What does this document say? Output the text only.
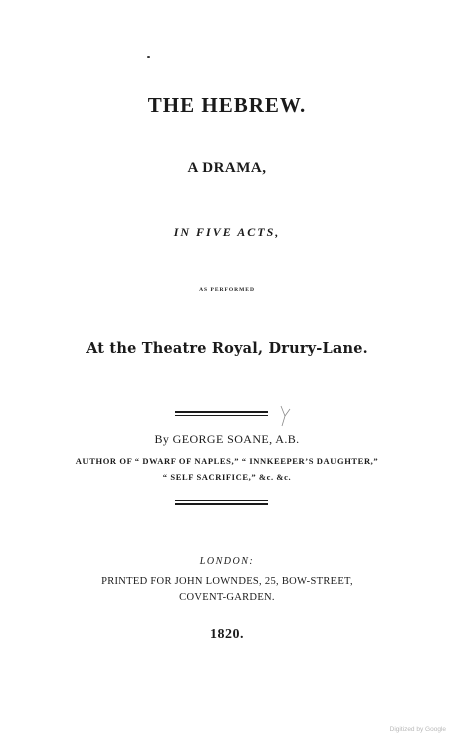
THE HEBREW.
A DRAMA,
IN FIVE ACTS,
AS PERFORMED
At the Theatre Royal, Drury-Lane.
By GEORGE SOANE, A.B.
AUTHOR OF “ DWARF OF NAPLES,” “ INNKEEPER’S DAUGHTER,”
“ SELF SACRIFICE,” &c. &c.
LONDON:
PRINTED FOR JOHN LOWNDES, 25, BOW-STREET,
COVENT-GARDEN.
1820.
Digitized by Google
